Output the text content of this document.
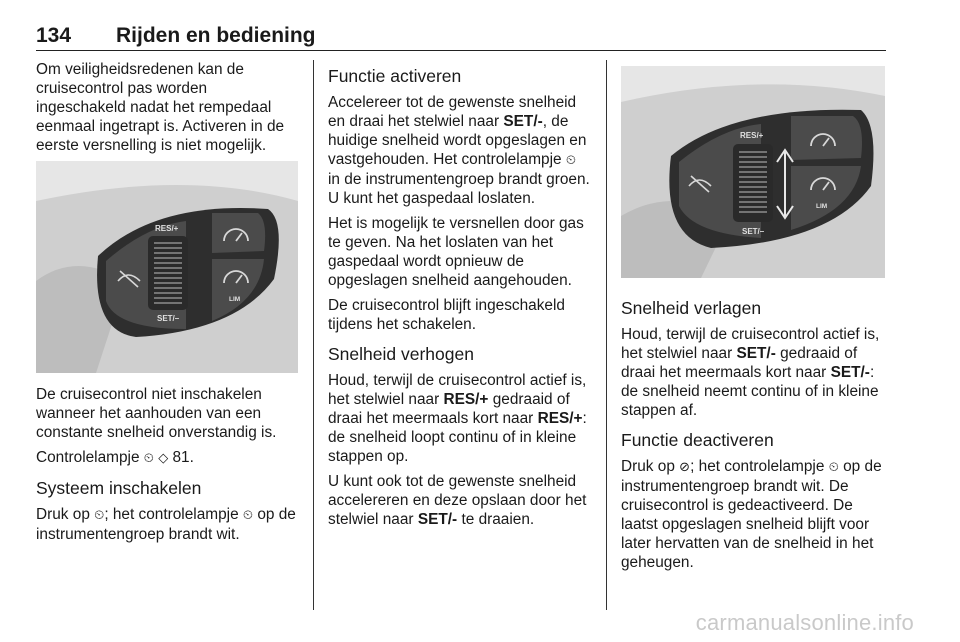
134 Rijden en bediening

Om veiligheidsredenen kan de cruisecontrol pas worden ingeschakeld nadat het rempedaal eenmaal ingetrapt is. Activeren in de eerste versnelling is niet mogelijk.

RES/+
SET/–
LIM

De cruisecontrol niet inschakelen wanneer het aanhouden van een constante snelheid onverstandig is.

Controlelampje ⏲ ◇ 81.

Systeem inschakelen

Druk op ⏲; het controlelampje ⏲ op de instrumentengroep brandt wit.

Functie activeren

Accelereer tot de gewenste snelheid en draai het stelwiel naar SET/-, de huidige snelheid wordt opgeslagen en vastgehouden. Het controlelampje ⏲ in de instrumentengroep brandt groen. U kunt het gaspedaal loslaten.

Het is mogelijk te versnellen door gas te geven. Na het loslaten van het gaspedaal wordt opnieuw de opgeslagen snelheid aangehouden.

De cruisecontrol blijft ingeschakeld tijdens het schakelen.

Snelheid verhogen

Houd, terwijl de cruisecontrol actief is, het stelwiel naar RES/+ gedraaid of draai het meermaals kort naar RES/+: de snelheid loopt continu of in kleine stappen op.

U kunt ook tot de gewenste snelheid accelereren en deze opslaan door het stelwiel naar SET/- te draaien.

RES/+
SET/–
LIM
Snelheid verlagen

Houd, terwijl de cruisecontrol actief is, het stelwiel naar SET/- gedraaid of draai het meermaals kort naar SET/-: de snelheid neemt continu of in kleine stappen af.

Functie deactiveren

Druk op ⊘; het controlelampje ⏲ op de instrumentengroep brandt wit. De cruisecontrol is gedeactiveerd. De laatst opgeslagen snelheid blijft voor later hervatten van de snelheid in het geheugen.

carmanualsonline.info
